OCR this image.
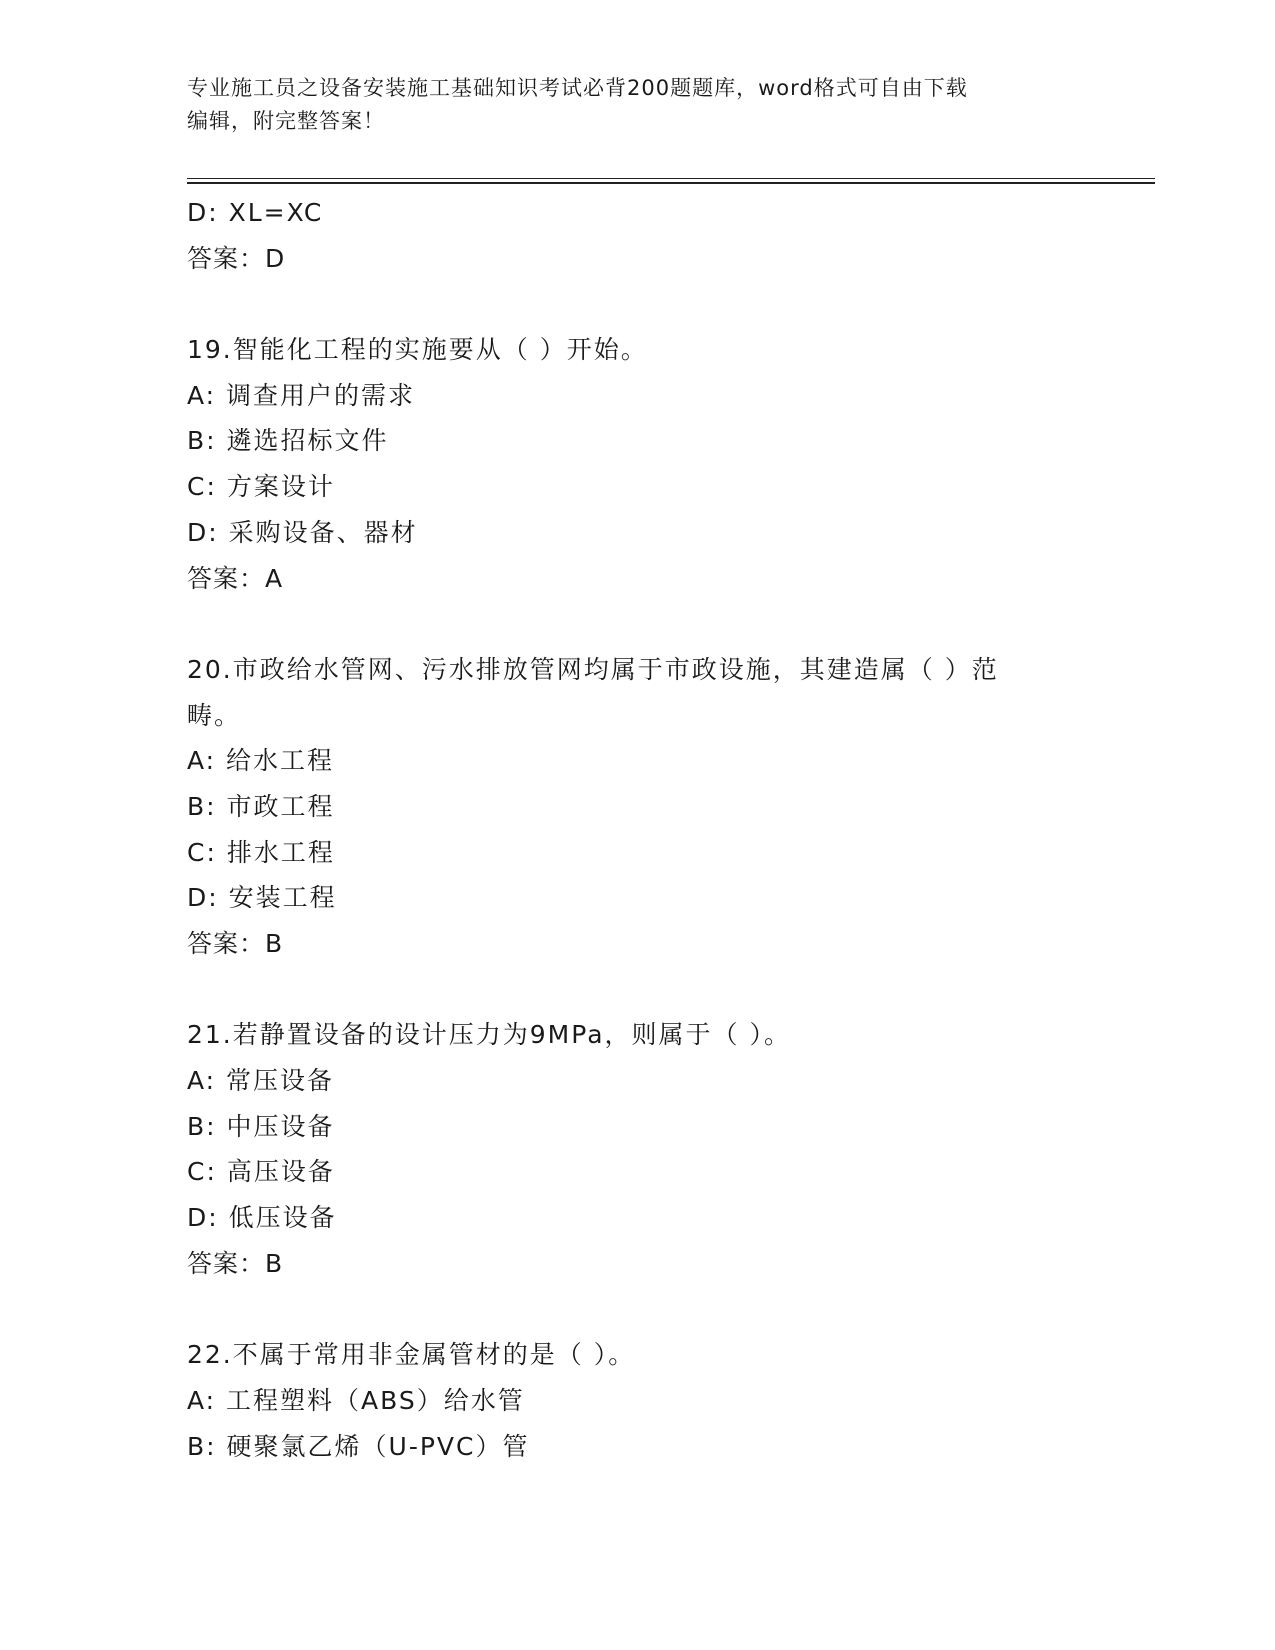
专业施工员之设备安装施工基础知识考试必背200题题库，word格式可自由下载
编辑，附完整答案！
D: XL=XC
答案：D
19.智能化工程的实施要从（ ）开始。
A: 调查用户的需求
B: 遴选招标文件
C: 方案设计
D: 采购设备、器材
答案：A
20.市政给水管网、污水排放管网均属于市政设施，其建造属（ ）范
畴。
A: 给水工程
B: 市政工程
C: 排水工程
D: 安装工程
答案：B
21.若静置设备的设计压力为9MPa，则属于（ ）。
A: 常压设备
B: 中压设备
C: 高压设备
D: 低压设备
答案：B
22.不属于常用非金属管材的是（ ）。
A: 工程塑料（ABS）给水管
B: 硬聚氯乙烯（U-PVC）管
